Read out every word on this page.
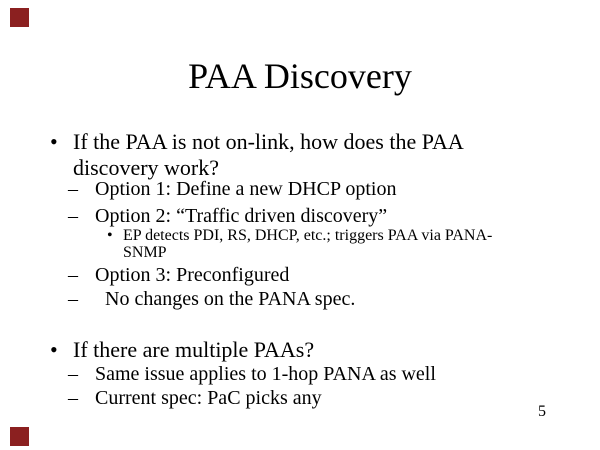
PAA Discovery
• If the PAA is not on-link, how does the PAA
discovery work?
– Option 1: Define a new DHCP option
– Option 2: “Traffic driven discovery”
• EP detects PDI, RS, DHCP, etc.; triggers PAA via PANA-
SNMP
– Option 3: Preconfigured
– No changes on the PANA spec.
• If there are multiple PAAs?
– Same issue applies to 1-hop PANA as well
– Current spec: PaC picks any
5
